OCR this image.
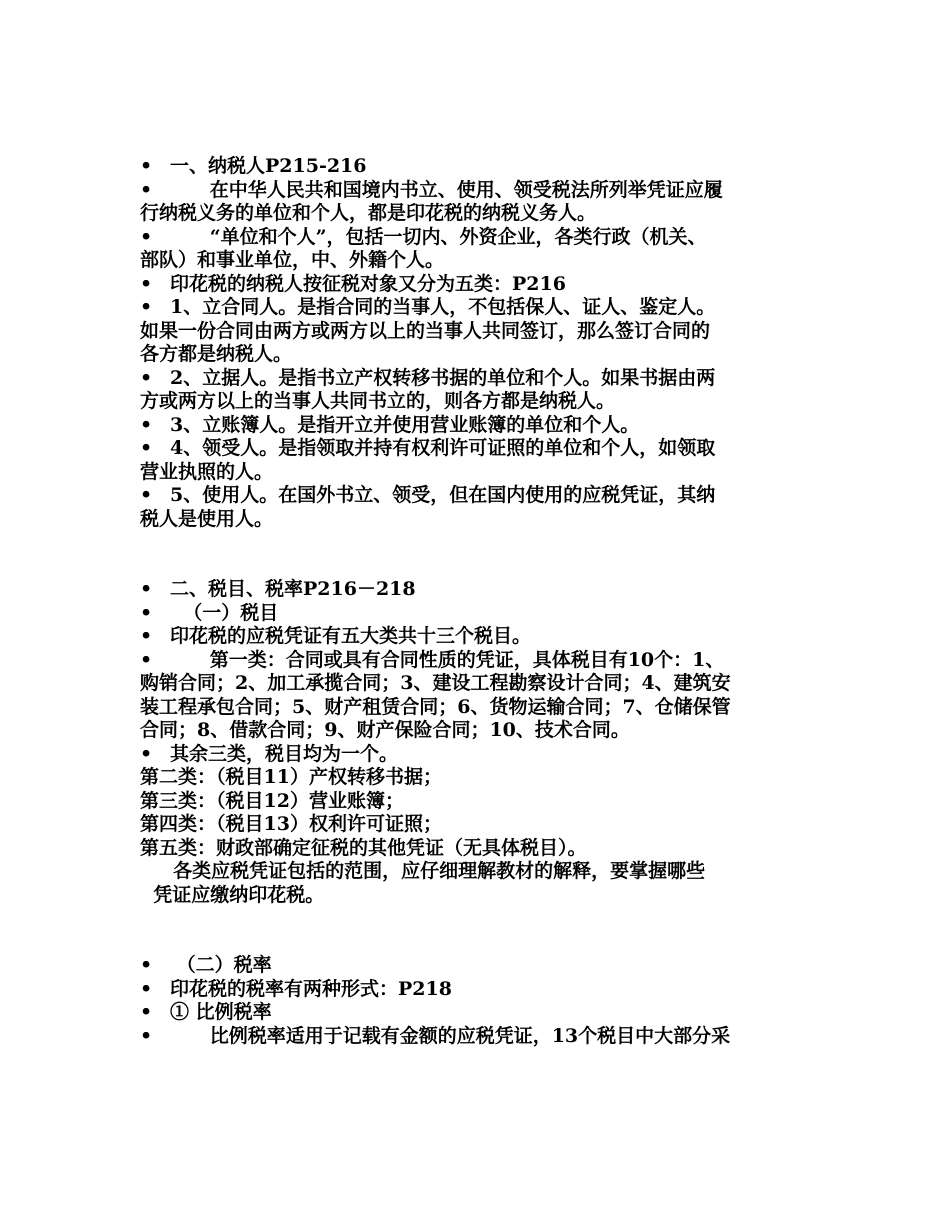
• 一、纳税人P215-216
•      在中华人民共和国境内书立、使用、领受税法所列举凭证应履
行纳税义务的单位和个人，都是印花税的纳税义务人。
•      “单位和个人”，包括一切内、外资企业，各类行政（机关、
部队）和事业单位，中、外籍个人。
• 印花税的纳税人按征税对象又分为五类：P216
• 1、立合同人。是指合同的当事人，不包括保人、证人、鉴定人。
如果一份合同由两方或两方以上的当事人共同签订，那么签订合同的
各方都是纳税人。
• 2、立据人。是指书立产权转移书据的单位和个人。如果书据由两
方或两方以上的当事人共同书立的，则各方都是纳税人。
• 3、立账簿人。是指开立并使用营业账簿的单位和个人。
• 4、领受人。是指领取并持有权利许可证照的单位和个人，如领取
营业执照的人。
• 5、使用人。在国外书立、领受，但在国内使用的应税凭证，其纳
税人是使用人。
• 二、税目、税率P216－218
•  （一）税目
• 印花税的应税凭证有五大类共十三个税目。
•      第一类：合同或具有合同性质的凭证，具体税目有10个：1、
购销合同；2、加工承揽合同；3、建设工程勘察设计合同；4、建筑安
装工程承包合同；5、财产租赁合同；6、货物运输合同；7、仓储保管
合同；8、借款合同；9、财产保险合同；10、技术合同。
• 其余三类，税目均为一个。
第二类：（税目11）产权转移书据；
第三类：（税目12）营业账簿；
第四类：（税目13）权利许可证照；
第五类：财政部确定征税的其他凭证（无具体税目）。
各类应税凭证包括的范围，应仔细理解教材的解释，要掌握哪些
凭证应缴纳印花税。
• （二）税率
• 印花税的税率有两种形式：P218
• ① 比例税率
•      比例税率适用于记载有金额的应税凭证，13个税目中大部分采
